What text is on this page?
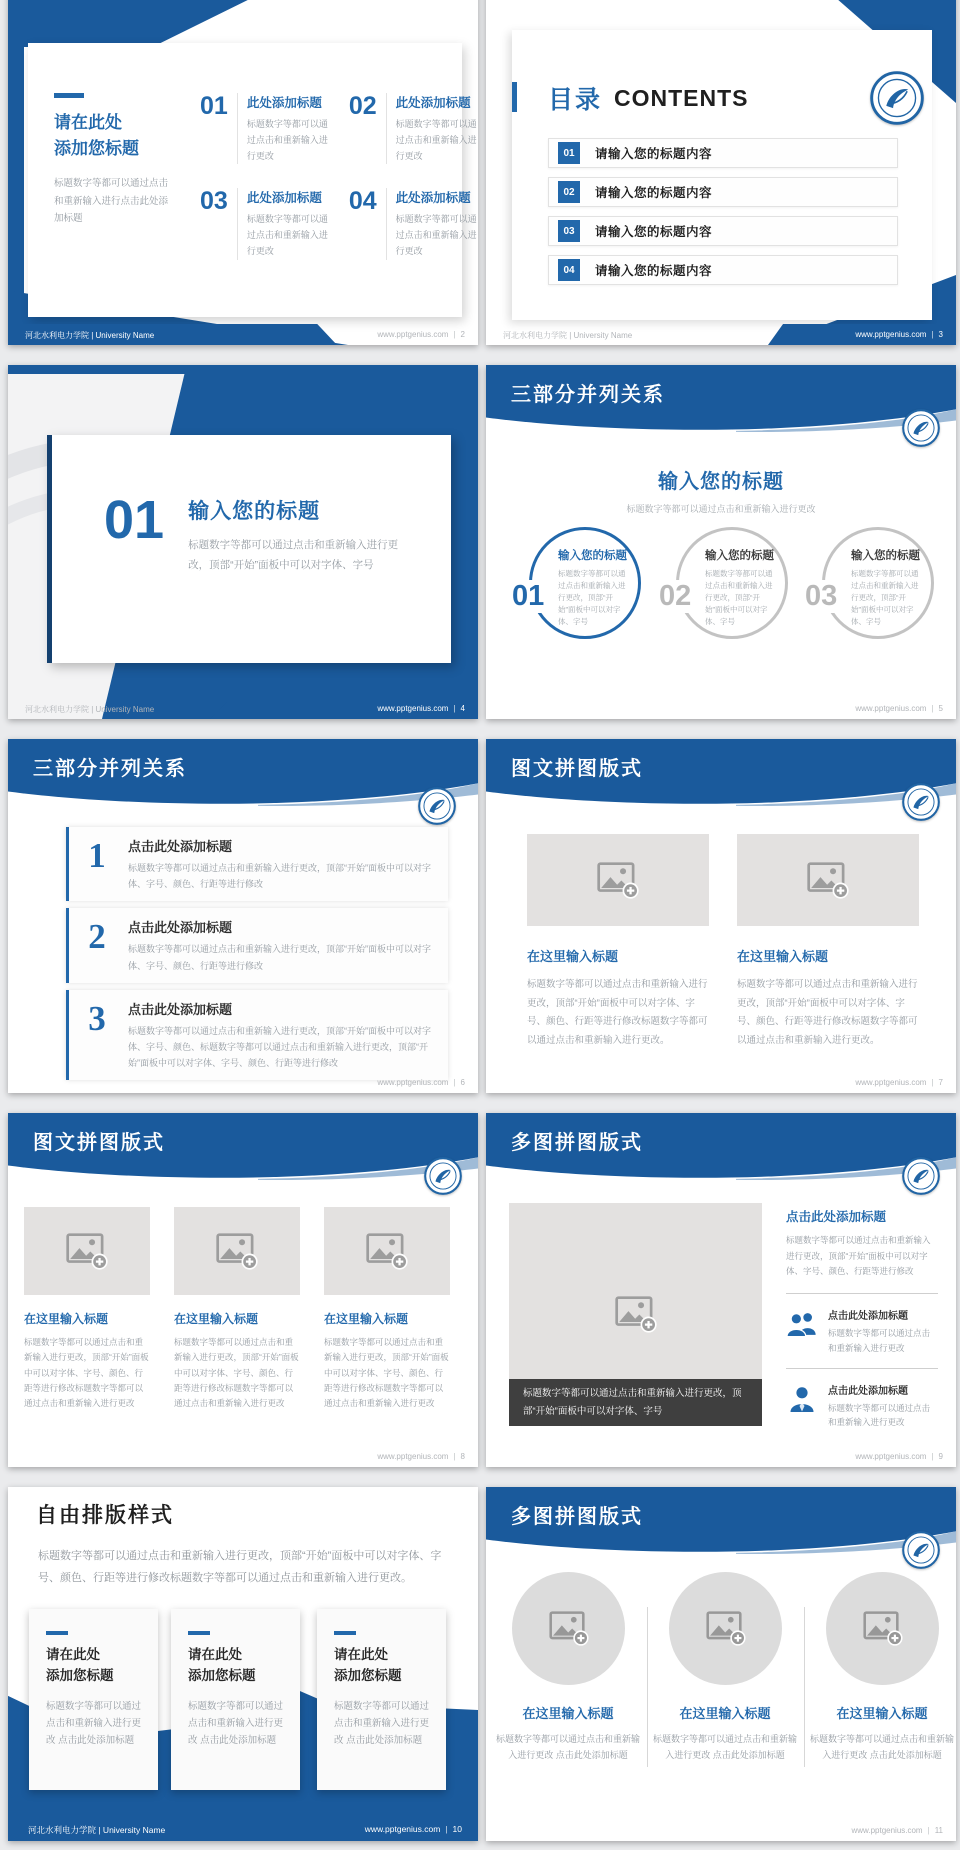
请在此处
添加您标题

标题数字等都可以通过点击和重新输入进行点击此处添加标题

01	此处添加标题

标题数字等都可以通过点击和重新输入进行更改

02	此处添加标题

标题数字等都可以通过点击和重新输入进行更改

03	此处添加标题

标题数字等都可以通过点击和重新输入进行更改

04	此处添加标题

标题数字等都可以通过点击和重新输入进行更改

河北水利电力学院 | University Name	www.pptgenius.com | 2
目录 CONTENTS
01	请输入您的标题内容
02	请输入您的标题内容
03	请输入您的标题内容
04	请输入您的标题内容
河北水利电力学院 | University Name	www.pptgenius.com | 3
01 输入您的标题

标题数字等都可以通过点击和重新输入进行更改，顶部“开始”面板中可以对字体、字号

河北水利电力学院 | University Name	www.pptgenius.com | 4
三部分并列关系
输入您的标题

标题数字等都可以通过点击和重新输入进行更改

01
输入您的标题

标题数字等都可以通过点击和重新输入进行更改，顶部“开始”面板中可以对字体、字号

02
输入您的标题

标题数字等都可以通过点击和重新输入进行更改，顶部“开始”面板中可以对字体、字号

03
输入您的标题

标题数字等都可以通过点击和重新输入进行更改，顶部“开始”面板中可以对字体、字号

www.pptgenius.com | 5
三部分并列关系
1	点击此处添加标题

标题数字等都可以通过点击和重新输入进行更改，顶部“开始”面板中可以对字体、字号、颜色、行距等进行修改

2	点击此处添加标题

标题数字等都可以通过点击和重新输入进行更改，顶部“开始”面板中可以对字体、字号、颜色、行距等进行修改

3	点击此处添加标题

标题数字等都可以通过点击和重新输入进行更改，顶部“开始”面板中可以对字体、字号、颜色、标题数字等都可以通过点击和重新输入进行更改，顶部“开始”面板中可以对字体、字号、颜色、行距等进行修改

www.pptgenius.com | 6
图文拼图版式
在这里输入标题

标题数字等都可以通过点击和重新输入进行更改，顶部“开始”面板中可以对字体、字号、颜色、行距等进行修改标题数字等都可以通过点击和重新输入进行更改。

在这里输入标题

标题数字等都可以通过点击和重新输入进行更改，顶部“开始”面板中可以对字体、字号、颜色、行距等进行修改标题数字等都可以通过点击和重新输入进行更改。

www.pptgenius.com | 7
图文拼图版式
在这里输入标题

标题数字等都可以通过点击和重新输入进行更改，顶部“开始”面板中可以对字体、字号、颜色、行距等进行修改标题数字等都可以通过点击和重新输入进行更改

在这里输入标题

标题数字等都可以通过点击和重新输入进行更改，顶部“开始”面板中可以对字体、字号、颜色、行距等进行修改标题数字等都可以通过点击和重新输入进行更改

在这里输入标题

标题数字等都可以通过点击和重新输入进行更改，顶部“开始”面板中可以对字体、字号、颜色、行距等进行修改标题数字等都可以通过点击和重新输入进行更改

www.pptgenius.com | 8
多图拼图版式
标题数字等都可以通过点击和重新输入进行更改，顶部“开始”面板中可以对字体、字号
点击此处添加标题

标题数字等都可以通过点击和重新输入进行更改，顶部“开始”面板中可以对字体、字号、颜色、行距等进行修改

点击此处添加标题

标题数字等都可以通过点击和重新输入进行更改

点击此处添加标题

标题数字等都可以通过点击和重新输入进行更改

www.pptgenius.com | 9
自由排版样式

标题数字等都可以通过点击和重新输入进行更改，顶部“开始”面板中可以对字体、字号、颜色、行距等进行修改标题数字等都可以通过点击和重新输入进行更改。

请在此处
添加您标题

标题数字等都可以通过点击和重新输入进行更改 点击此处添加标题

请在此处
添加您标题

标题数字等都可以通过点击和重新输入进行更改 点击此处添加标题

请在此处
添加您标题

标题数字等都可以通过点击和重新输入进行更改 点击此处添加标题

河北水利电力学院 | University Name	www.pptgenius.com | 10
多图拼图版式
在这里输入标题

标题数字等都可以通过点击和重新输入进行更改 点击此处添加标题

在这里输入标题

标题数字等都可以通过点击和重新输入进行更改 点击此处添加标题

在这里输入标题

标题数字等都可以通过点击和重新输入进行更改 点击此处添加标题

www.pptgenius.com | 11
